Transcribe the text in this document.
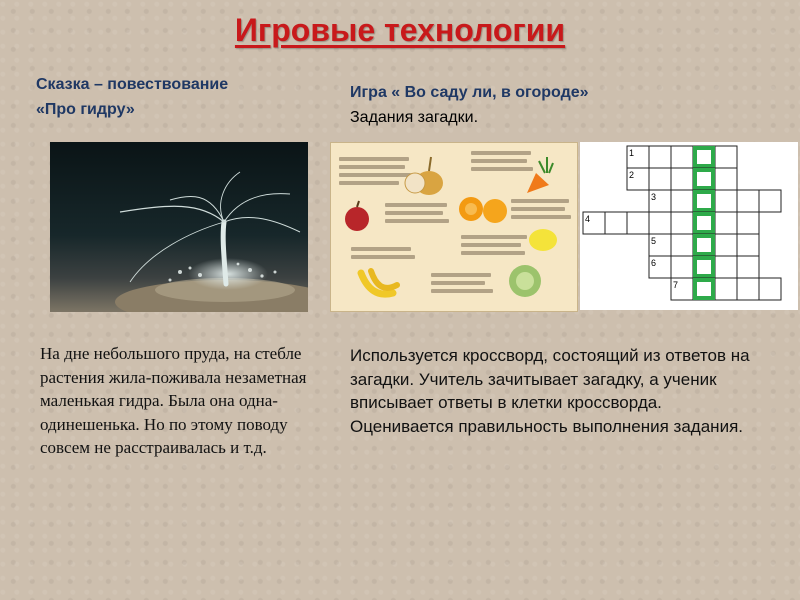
Игровые технологии
Сказка – повествование
«Про гидру»
Игра « Во саду ли, в огороде»
Задания загадки.
1
2
3
4
5
6
7

На дне небольшого пруда, на стебле растения жила-поживала незаметная маленькая гидра. Была она одна-одинешенька. Но по этому поводу совсем не расстраивалась и т.д.

Используется кроссворд, состоящий из ответов на загадки. Учитель зачитывает загадку, а ученик вписывает ответы в клетки кроссворда.

Оценивается правильность выполнения задания.
